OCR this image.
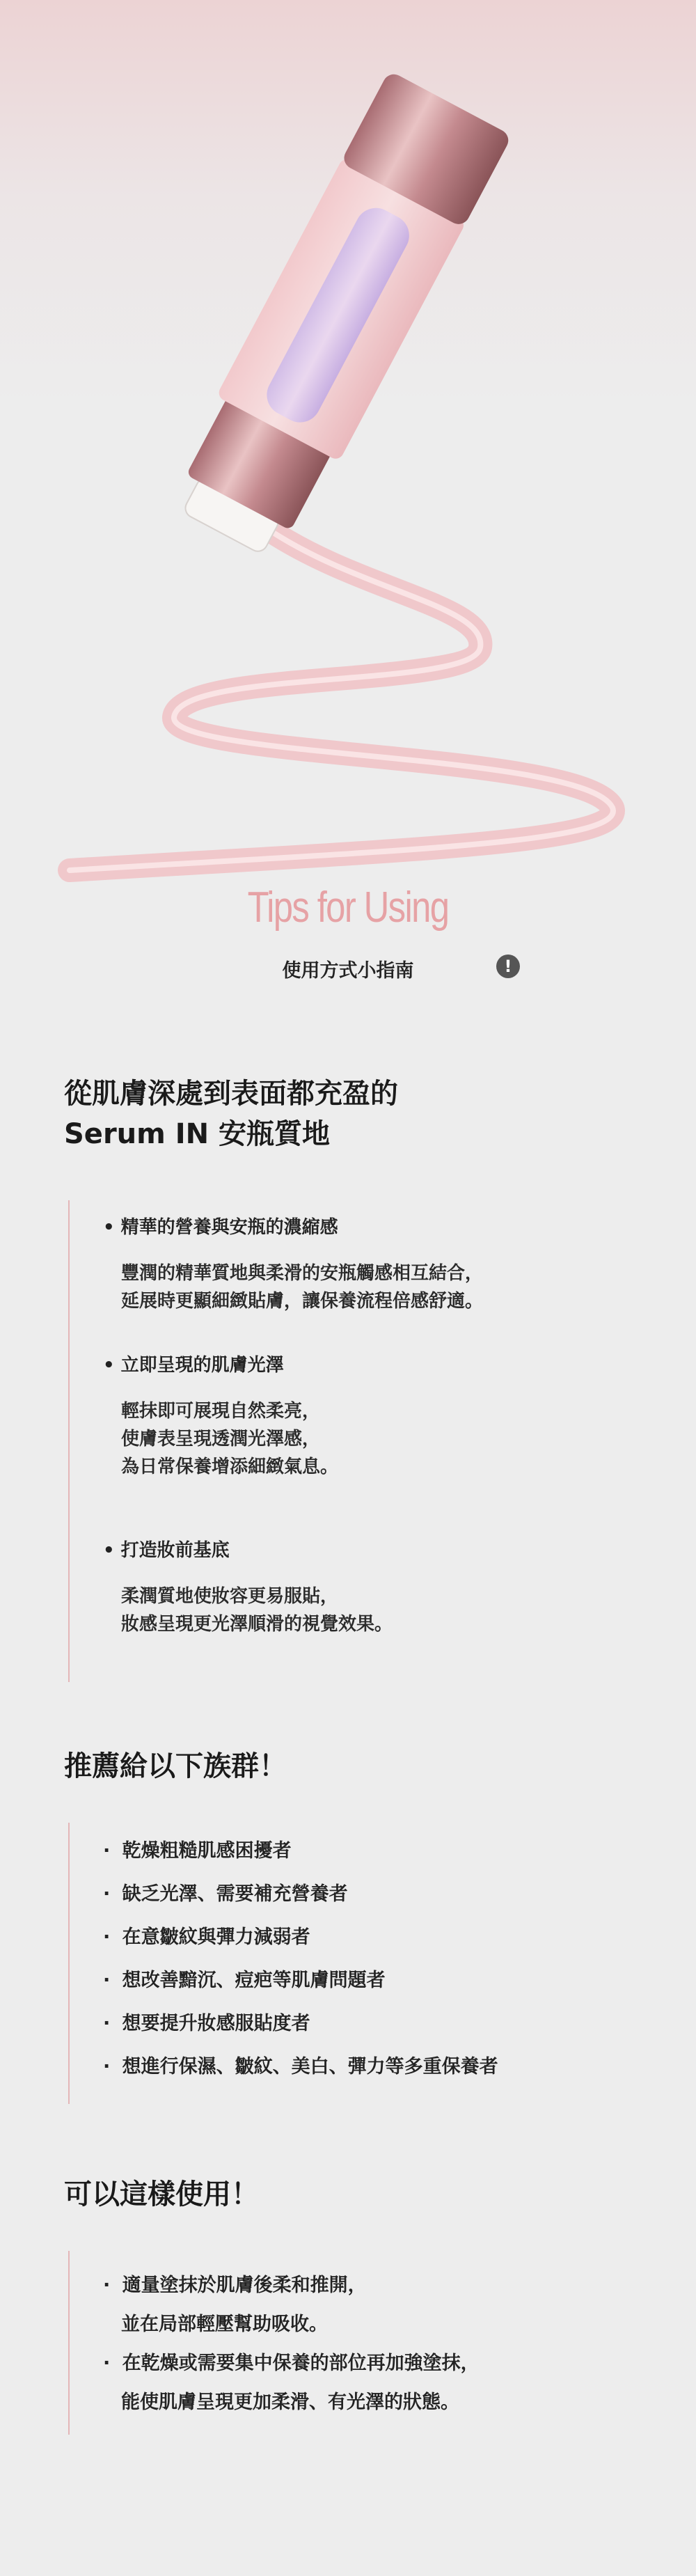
Tips for Using
使用方式小指南	!
從肌膚深處到表面都充盈的
Serum IN 安瓶質地
• 精華的營養與安瓶的濃縮感
豐潤的精華質地與柔滑的安瓶觸感相互結合，
延展時更顯細緻貼膚，讓保養流程倍感舒適。
• 立即呈現的肌膚光澤
輕抹即可展現自然柔亮，
使膚表呈現透潤光澤感，
為日常保養增添細緻氣息。
• 打造妝前基底
柔潤質地使妝容更易服貼，
妝感呈現更光澤順滑的視覺效果。
推薦給以下族群！
· 乾燥粗糙肌感困擾者
· 缺乏光澤、需要補充營養者
· 在意皺紋與彈力減弱者
· 想改善黯沉、痘疤等肌膚問題者
· 想要提升妝感服貼度者
· 想進行保濕、皺紋、美白、彈力等多重保養者
可以這樣使用！
· 適量塗抹於肌膚後柔和推開，
並在局部輕壓幫助吸收。
· 在乾燥或需要集中保養的部位再加強塗抹，
能使肌膚呈現更加柔滑、有光澤的狀態。
